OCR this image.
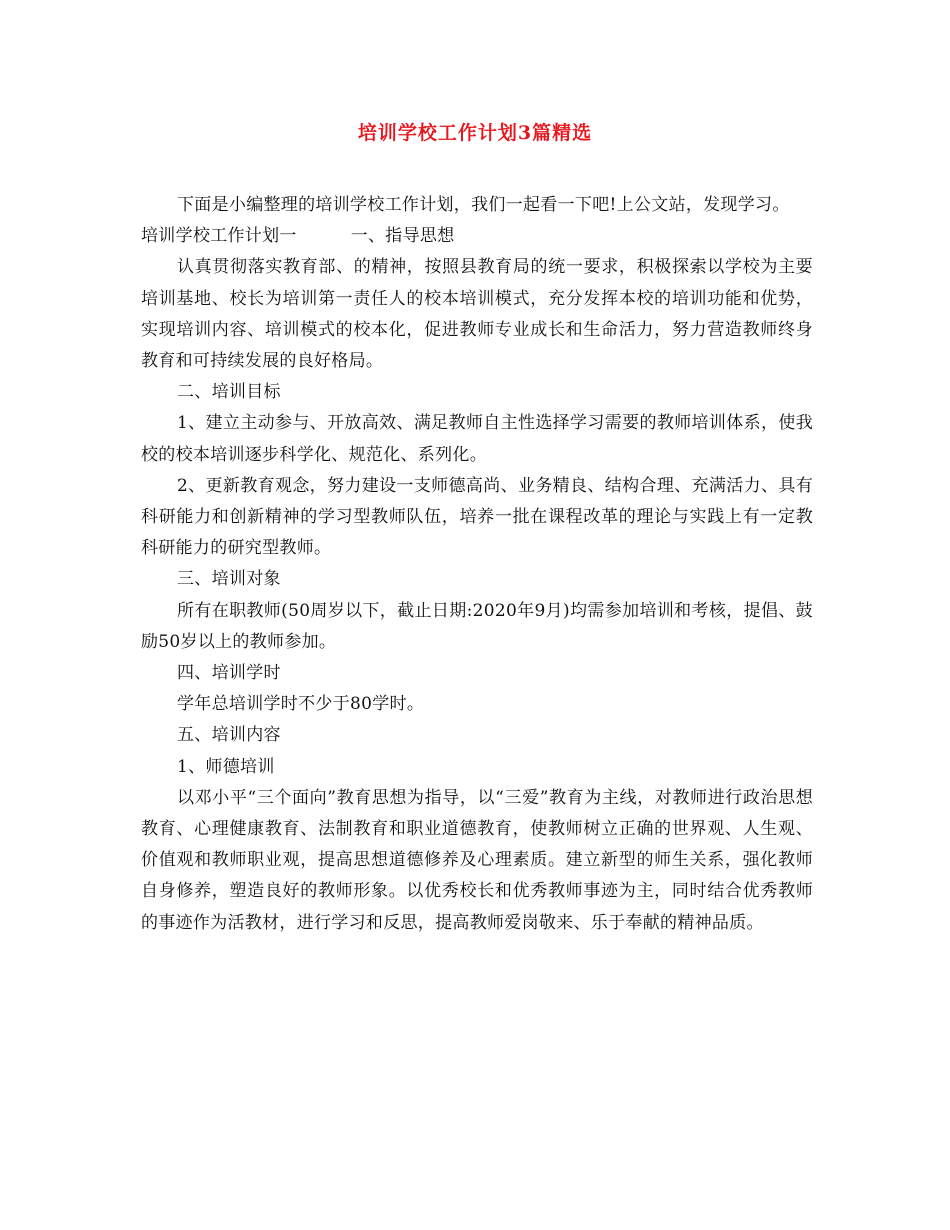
培训学校工作计划3篇精选

下面是小编整理的培训学校工作计划，我们一起看一下吧!上公文站，发现学习。

培训学校工作计划一	一、指导思想

认真贯彻落实教育部、的精神，按照县教育局的统一要求，积极探索以学校为主要培训基地、校长为培训第一责任人的校本培训模式，充分发挥本校的培训功能和优势，实现培训内容、培训模式的校本化，促进教师专业成长和生命活力，努力营造教师终身教育和可持续发展的良好格局。

二、培训目标

1、建立主动参与、开放高效、满足教师自主性选择学习需要的教师培训体系，使我校的校本培训逐步科学化、规范化、系列化。

2、更新教育观念，努力建设一支师德高尚、业务精良、结构合理、充满活力、具有科研能力和创新精神的学习型教师队伍，培养一批在课程改革的理论与实践上有一定教科研能力的研究型教师。

三、培训对象

所有在职教师(50周岁以下，截止日期:2020年9月)均需参加培训和考核，提倡、鼓励50岁以上的教师参加。

四、培训学时

学年总培训学时不少于80学时。

五、培训内容

1、师德培训

以邓小平“三个面向”教育思想为指导，以“三爱”教育为主线，对教师进行政治思想教育、心理健康教育、法制教育和职业道德教育，使教师树立正确的世界观、人生观、价值观和教师职业观，提高思想道德修养及心理素质。建立新型的师生关系，强化教师自身修养，塑造良好的教师形象。以优秀校长和优秀教师事迹为主，同时结合优秀教师的事迹作为活教材，进行学习和反思，提高教师爱岗敬来、乐于奉献的精神品质。
